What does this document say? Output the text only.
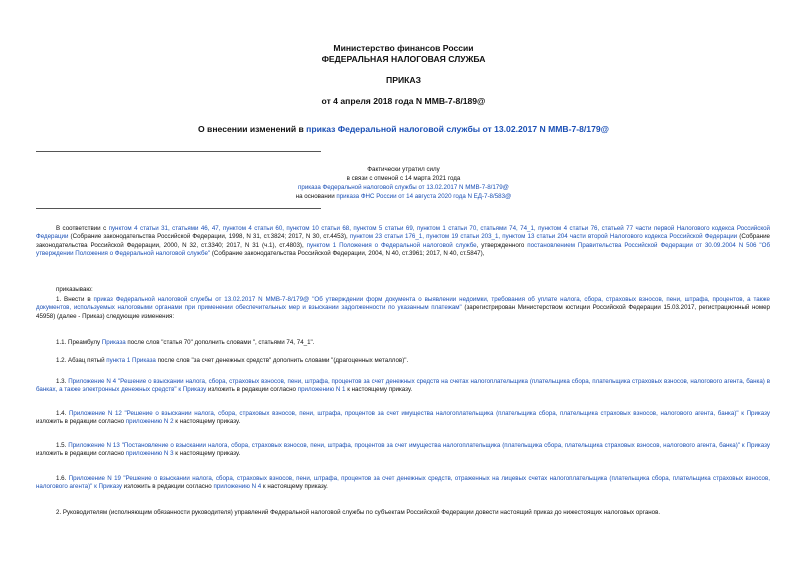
Министерство финансов России
ФЕДЕРАЛЬНАЯ НАЛОГОВАЯ СЛУЖБА
ПРИКАЗ
от 4 апреля 2018 года N ММВ-7-8/189@
О внесении изменений в приказ Федеральной налоговой службы от 13.02.2017 N ММВ-7-8/179@
Фактически утратил силу
в связи с отменой с 14 марта 2021 года
приказа Федеральной налоговой службы от 13.02.2017 N ММВ-7-8/179@
на основании приказа ФНС России от 14 августа 2020 года N ЕД-7-8/583@
В соответствии с пунктом 4 статьи 31, статьями 46, 47, пунктом 4 статьи 60, пунктом 10 статьи 68, пунктом 5 статьи 69, пунктом 1 статьи 70, статьями 74, 74_1, пунктом 4 статьи 76, статьей 77 части первой Налогового кодекса Российской Федерации (Собрание законодательства Российской Федерации, 1998, N 31, ст.3824; 2017, N 30, ст.4453), пунктом 23 статьи 176_1, пунктом 19 статьи 203_1, пунктом 13 статьи 204 части второй Налогового кодекса Российской Федерации (Собрание законодательства Российской Федерации, 2000, N 32, ст.3340; 2017, N 31 (ч.1), ст.4803), пунктом 1 Положения о Федеральной налоговой службе, утвержденного постановлением Правительства Российской Федерации от 30.09.2004 N 506 "Об утверждении Положения о Федеральной налоговой службе" (Собрание законодательства Российской Федерации, 2004, N 40, ст.3961; 2017, N 40, ст.5847),
приказываю:
1. Внести в приказ Федеральной налоговой службы от 13.02.2017 N ММВ-7-8/179@ "Об утверждении форм документа о выявлении недоимки, требования об уплате налога, сбора, страховых взносов, пени, штрафа, процентов, а также документов, используемых налоговыми органами при применении обеспечительных мер и взыскании задолженности по указанным платежам" (зарегистрирован Министерством юстиции Российской Федерации 15.03.2017, регистрационный номер 45958) (далее - Приказ) следующие изменения:
1.1. Преамбулу Приказа после слов "статья 70" дополнить словами ", статьями 74, 74_1".
1.2. Абзац пятый пункта 1 Приказа после слов "за счет денежных средств" дополнить словами "(драгоценных металлов)".
1.3. Приложение N 4 "Решение о взыскании налога, сбора, страховых взносов, пени, штрафа, процентов за счет денежных средств на счетах налогоплательщика (плательщика сбора, плательщика страховых взносов, налогового агента, банка) в банках, а также электронных денежных средств" к Приказу изложить в редакции согласно приложению N 1 к настоящему приказу.
1.4. Приложение N 12 "Решение о взыскании налога, сбора, страховых взносов, пени, штрафа, процентов за счет имущества налогоплательщика (плательщика сбора, плательщика страховых взносов, налогового агента, банка)" к Приказу изложить в редакции согласно приложению N 2 к настоящему приказу.
1.5. Приложение N 13 "Постановление о взыскании налога, сбора, страховых взносов, пени, штрафа, процентов за счет имущества налогоплательщика (плательщика сбора, плательщика страховых взносов, налогового агента, банка)" к Приказу изложить в редакции согласно приложению N 3 к настоящему приказу.
1.6. Приложение N 19 "Решение о взыскании налога, сбора, страховых взносов, пени, штрафа, процентов за счет денежных средств, отраженных на лицевых счетах налогоплательщика (плательщика сбора, плательщика страховых взносов, налогового агента)" к Приказу изложить в редакции согласно приложению N 4 к настоящему приказу.
2. Руководителям (исполняющим обязанности руководителя) управлений Федеральной налоговой службы по субъектам Российской Федерации довести настоящий приказ до нижестоящих налоговых органов.
